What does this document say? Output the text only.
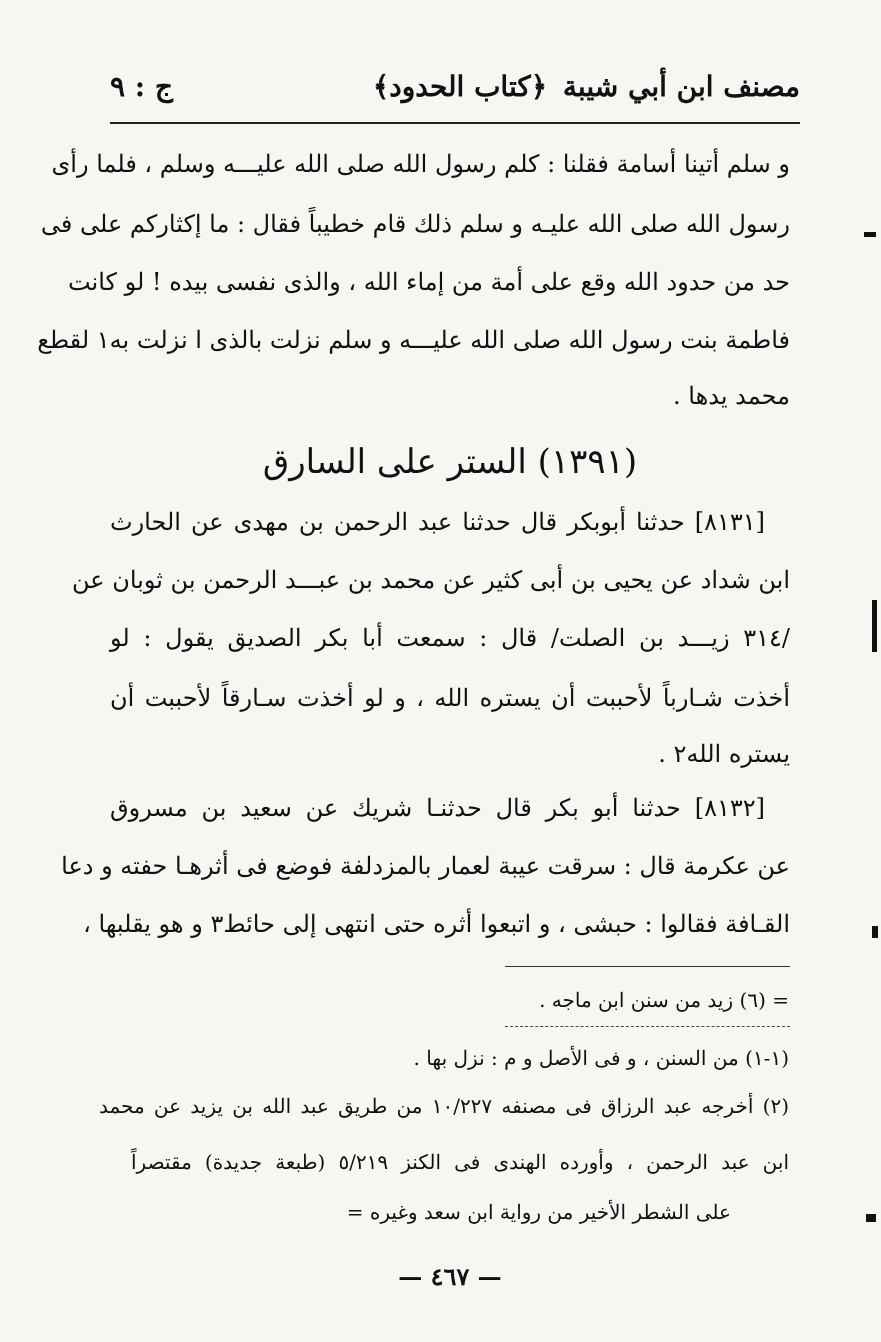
مصنف ابن أبي شيبة
﴿كتاب الحدود﴾
ج : ٩
و سلم أتينا أسامة فقلنا : كلم رسول الله صلى الله عليـــه وسلم ، فلما رأى
رسول الله صلى الله عليـه و سلم ذلك قام خطيباً فقال : ما إكثاركم على فى
حد من حدود الله وقع على أمة من إماء الله ، والذى نفسى بيده ! لو كانت
فاطمة بنت رسول الله صلى الله عليـــه و سلم نزلت بالذى ا نزلت به١ لقطع
محمد يدها .
(١٣٩١) الستر على السارق
[٨١٣١] حدثنا أبوبكر قال حدثنا عبد الرحمن بن مهدى عن الحارث
ابن شداد عن يحيى بن أبى كثير عن محمد بن عبـــد الرحمن بن ثوبان عن
/٣١٤ زيـــد بن الصلت/ قال : سمعت أبا بكر الصديق يقول : لو
أخذت شـارباً لأحببت أن يستره الله ، و لو أخذت سـارقاً لأحببت أن
يستره الله٢ .
[٨١٣٢] حدثنا أبو بكر قال حدثنـا شريك عن سعيد بن مسروق
عن عكرمة قال : سرقت عيبة لعمار بالمزدلفة فوضع فى أثرهـا حفته و دعا
القـافة فقالوا : حبشى ، و اتبعوا أثره حتى انتهى إلى حائط٣ و هو يقلبها ،
= (٦) زيد من سنن ابن ماجه .
(١-١) من السنن ، و فى الأصل و م : نزل بها .
(٢) أخرجه عبد الرزاق فى مصنفه ١٠/٢٢٧ من طريق عبد الله بن يزيد عن محمد
ابن عبد الرحمن ، وأورده الهندى فى الكنز ٥/٢١٩ (طبعة جديدة) مقتصراً
على الشطر الأخير من رواية ابن سعد وغيره =
— ٤٦٧ —
